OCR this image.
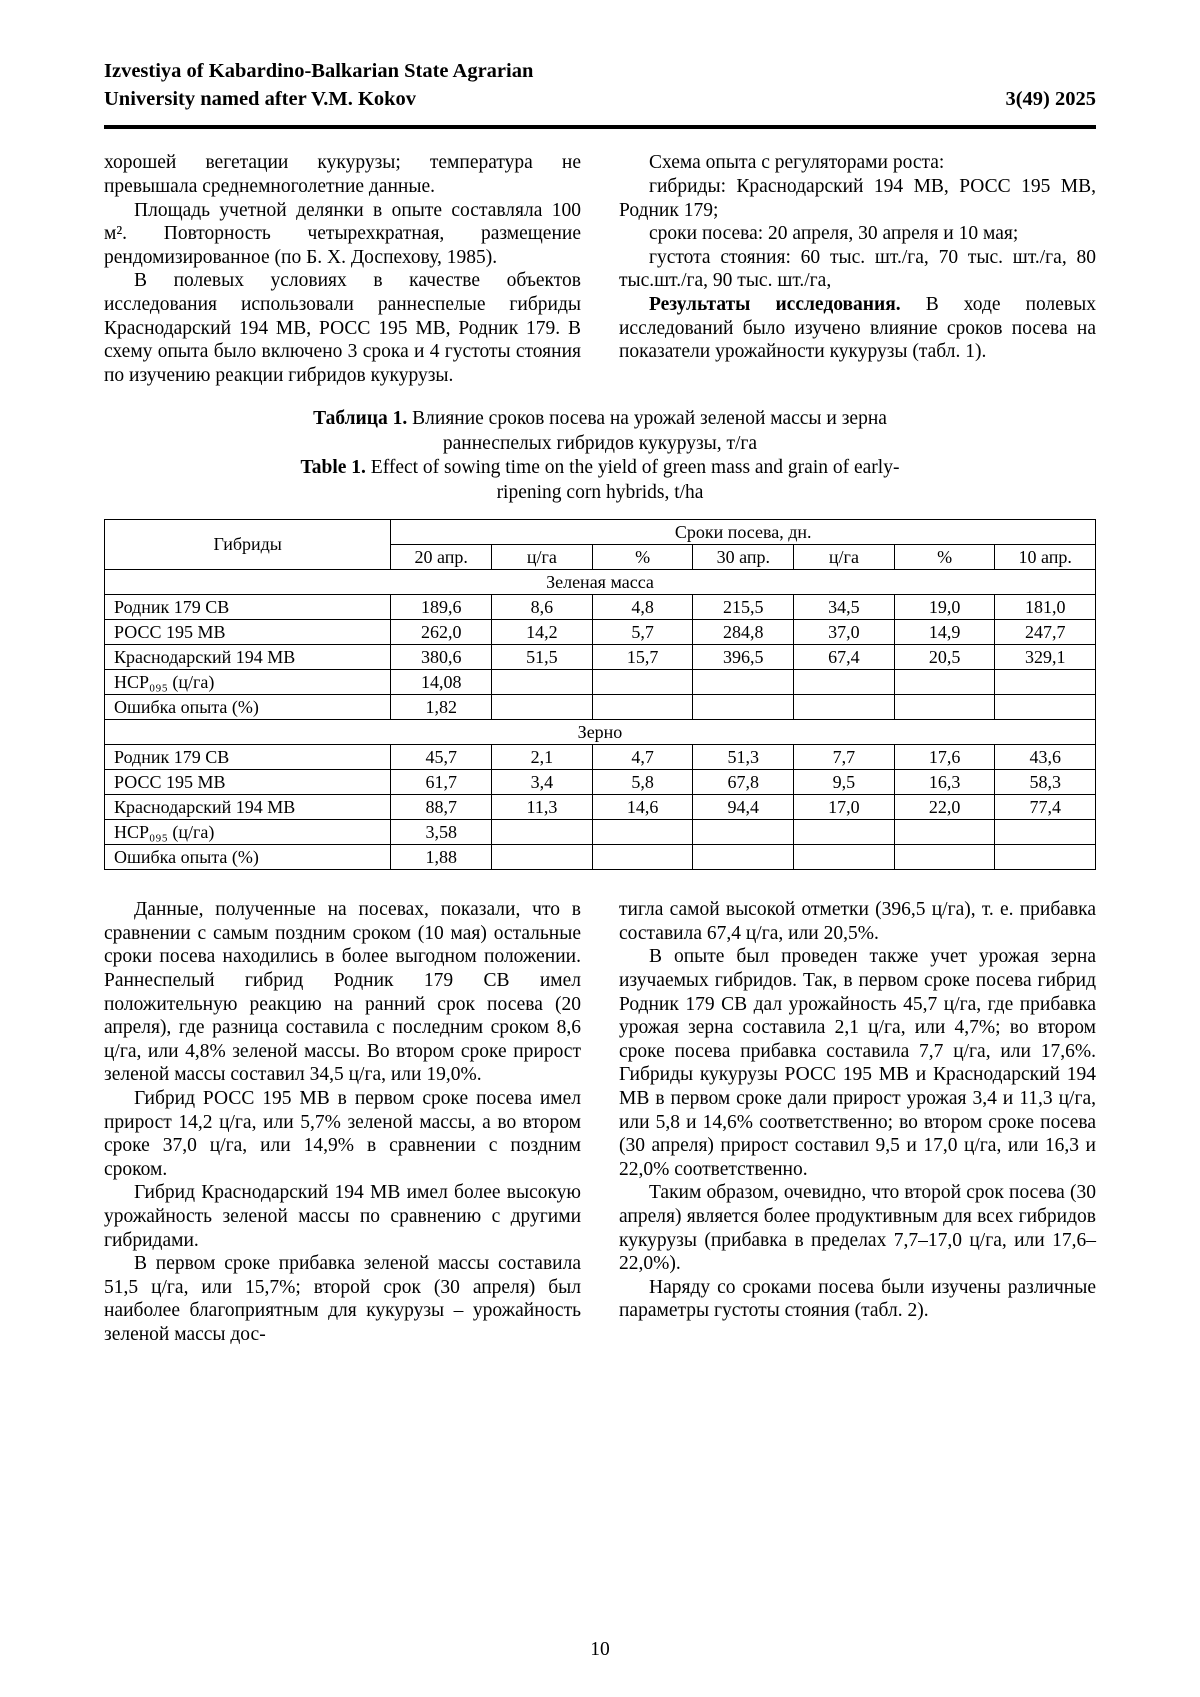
Izvestiya of Kabardino-Balkarian State Agrarian
University named after V.M. Kokov	3(49) 2025

хорошей вегетации кукурузы; температура не превышала среднемноголетние данные.

Площадь учетной делянки в опыте составляла 100 м². Повторность четырехкратная, размещение рендомизированное (по Б. Х. Доспехову, 1985).

В полевых условиях в качестве объектов исследования использовали раннеспелые гибриды Краснодарский 194 МВ, РОСС 195 МВ, Родник 179. В схему опыта было включено 3 срока и 4 густоты стояния по изучению реакции гибридов кукурузы.

Схема опыта с регуляторами роста:

гибриды: Краснодарский 194 МВ, РОСС 195 МВ, Родник 179;

сроки посева: 20 апреля, 30 апреля и 10 мая;

густота стояния: 60 тыс. шт./га, 70 тыс. шт./га, 80 тыс.шт./га, 90 тыс. шт./га,

Результаты исследования. В ходе полевых исследований было изучено влияние сроков посева на показатели урожайности кукурузы (табл. 1).

Таблица 1. Влияние сроков посева на урожай зеленой массы и зерна раннеспелых гибридов кукурузы, т/га

Table 1. Effect of sowing time on the yield of green mass and grain of early-ripening corn hybrids, t/ha

Гибриды	Сроки посева, дн.						
	20 апр.	ц/га	%	30 апр.	ц/га	%	10 апр.
Зеленая масса							
Родник 179 СВ	189,6	8,6	4,8	215,5	34,5	19,0	181,0
РОСС 195 МВ	262,0	14,2	5,7	284,8	37,0	14,9	247,7
Краснодарский 194 МВ	380,6	51,5	15,7	396,5	67,4	20,5	329,1
НСР₀₉₅ (ц/га)	14,08						
Ошибка опыта (%)	1,82						
Зерно							
Родник 179 СВ	45,7	2,1	4,7	51,3	7,7	17,6	43,6
РОСС 195 МВ	61,7	3,4	5,8	67,8	9,5	16,3	58,3
Краснодарский 194 МВ	88,7	11,3	14,6	94,4	17,0	22,0	77,4
НСР₀₉₅ (ц/га)	3,58						
Ошибка опыта (%)	1,88						

Данные, полученные на посевах, показали, что в сравнении с самым поздним сроком (10 мая) остальные сроки посева находились в более выгодном положении. Раннеспелый гибрид Родник 179 СВ имел положительную реакцию на ранний срок посева (20 апреля), где разница составила с последним сроком 8,6 ц/га, или 4,8% зеленой массы. Во втором сроке прирост зеленой массы составил 34,5 ц/га, или 19,0%.

Гибрид РОСС 195 МВ в первом сроке посева имел прирост 14,2 ц/га, или 5,7% зеленой массы, а во втором сроке 37,0 ц/га, или 14,9% в сравнении с поздним сроком.

Гибрид Краснодарский 194 МВ имел более высокую урожайность зеленой массы по сравнению с другими гибридами.

В первом сроке прибавка зеленой массы составила 51,5 ц/га, или 15,7%; второй срок (30 апреля) был наиболее благоприятным для кукурузы – урожайность зеленой массы дос-

тигла самой высокой отметки (396,5 ц/га), т. е. прибавка составила 67,4 ц/га, или 20,5%.

В опыте был проведен также учет урожая зерна изучаемых гибридов. Так, в первом сроке посева гибрид Родник 179 СВ дал урожайность 45,7 ц/га, где прибавка урожая зерна составила 2,1 ц/га, или 4,7%; во втором сроке посева прибавка составила 7,7 ц/га, или 17,6%. Гибриды кукурузы РОСС 195 МВ и Краснодарский 194 МВ в первом сроке дали прирост урожая 3,4 и 11,3 ц/га, или 5,8 и 14,6% соответственно; во втором сроке посева (30 апреля) прирост составил 9,5 и 17,0 ц/га, или 16,3 и 22,0% соответственно.

Таким образом, очевидно, что второй срок посева (30 апреля) является более продуктивным для всех гибридов кукурузы (прибавка в пределах 7,7–17,0 ц/га, или 17,6–22,0%).

Наряду со сроками посева были изучены различные параметры густоты стояния (табл. 2).

10
